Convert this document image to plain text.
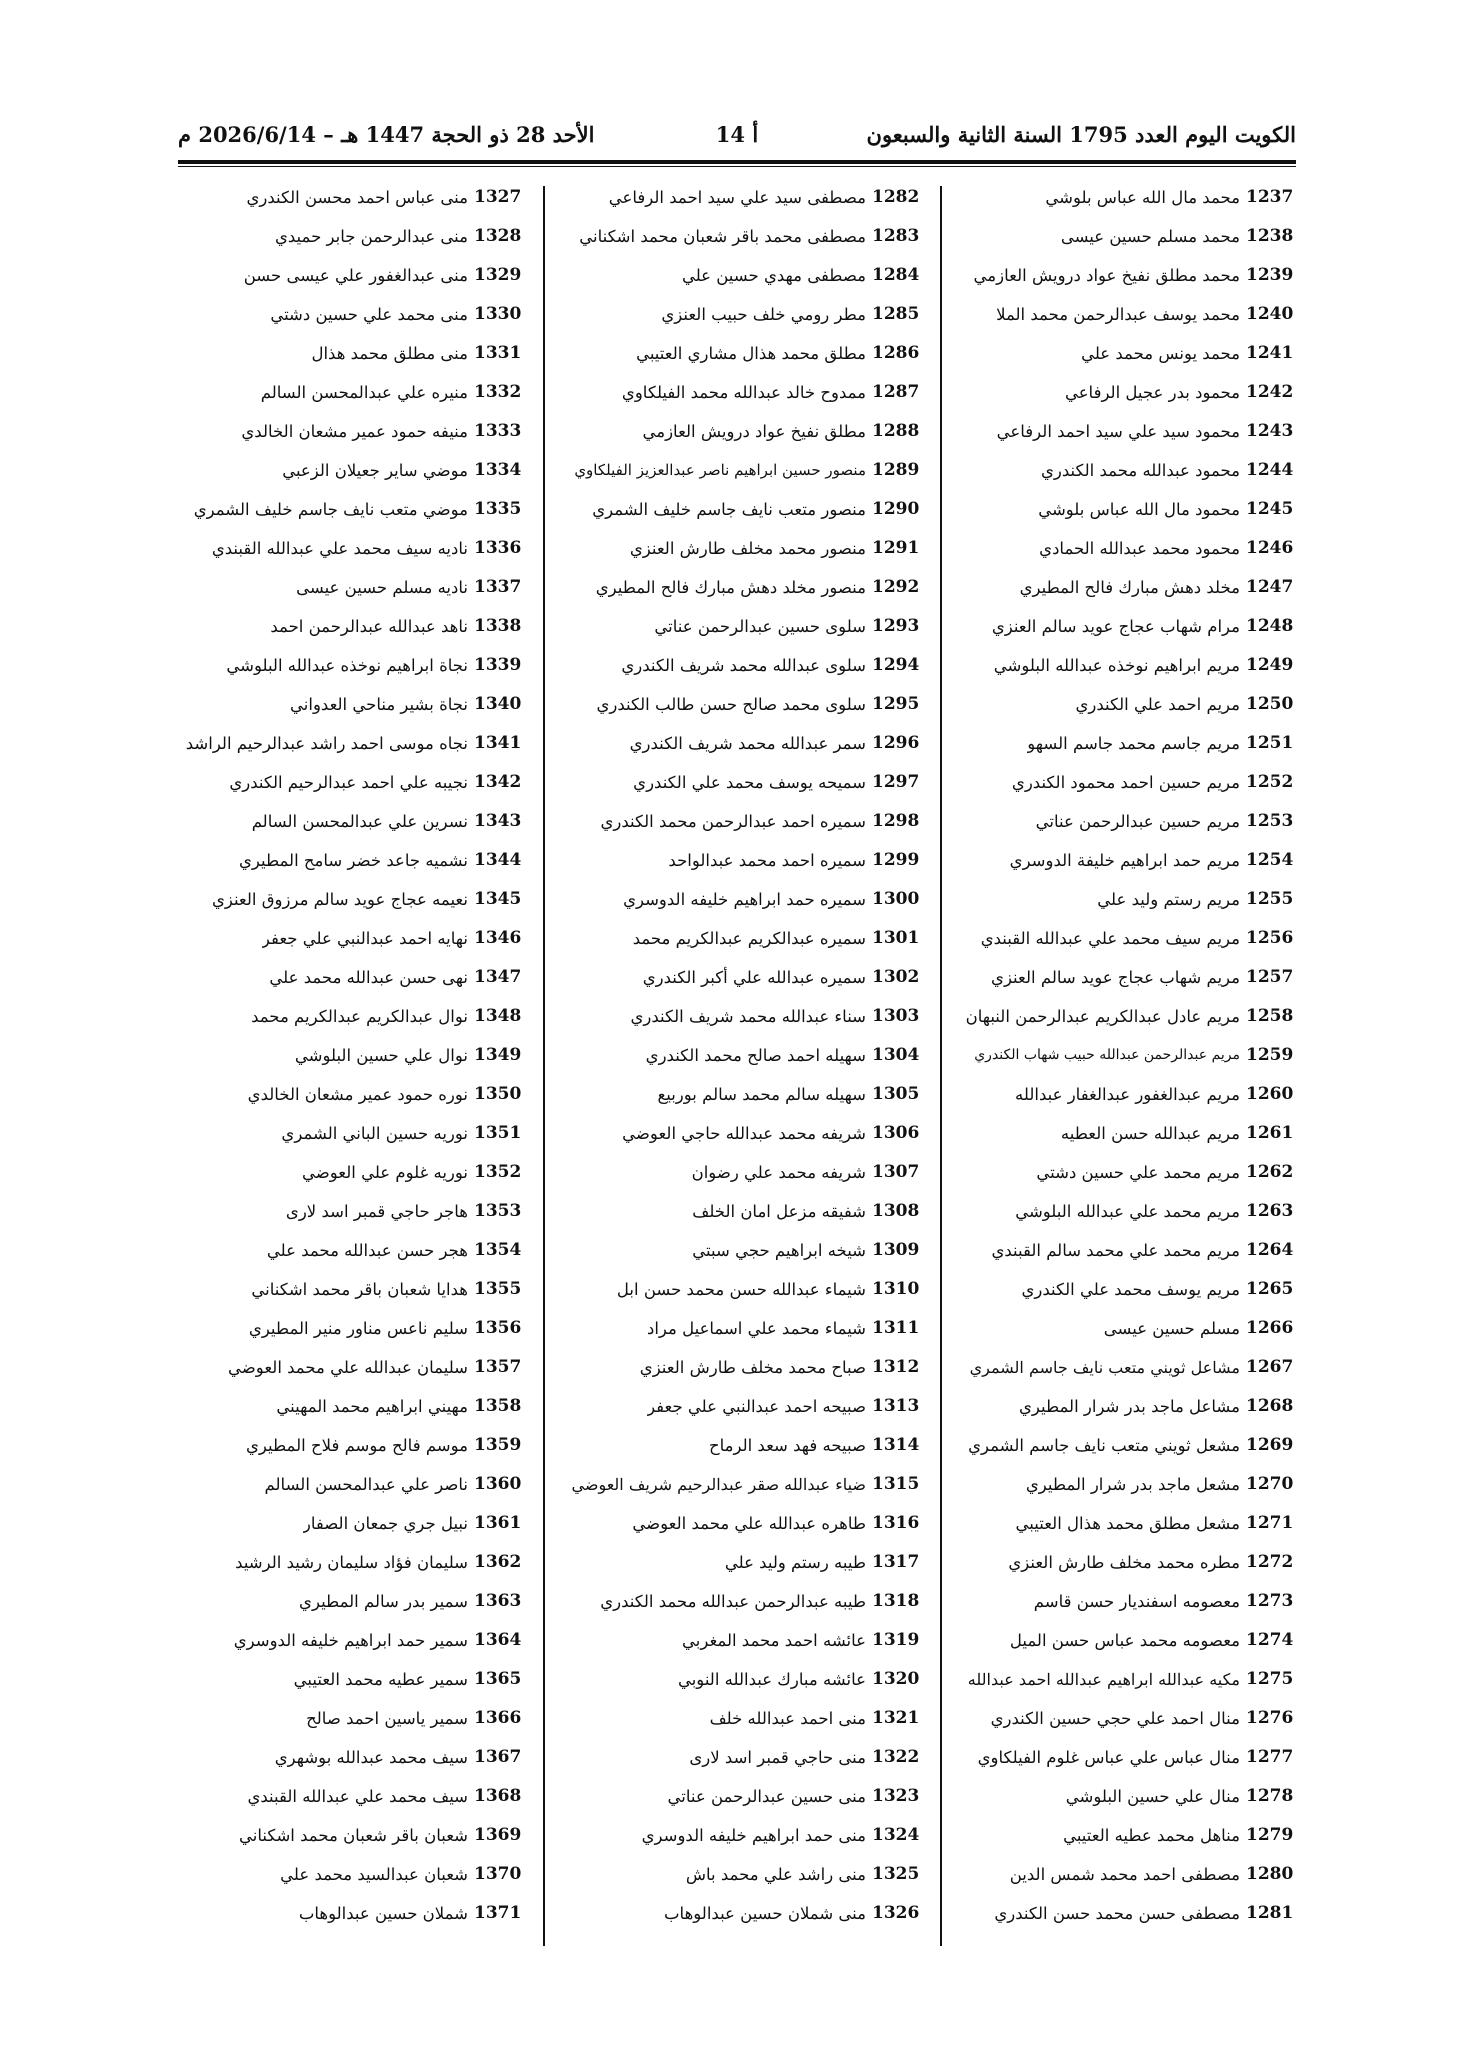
الكويت اليوم العدد 1795 السنة الثانية والسبعون
أ 14
الأحد 28 ذو الحجة 1447 هـ – 2026/6/14 م
1237
محمد مال الله عباس بلوشي
1238
محمد مسلم حسين عيسى
1239
محمد مطلق نفيخ عواد درويش العازمي
1240
محمد يوسف عبدالرحمن محمد الملا
1241
محمد يونس محمد علي
1242
محمود بدر عجيل الرفاعي
1243
محمود سيد علي سيد احمد الرفاعي
1244
محمود عبدالله محمد الكندري
1245
محمود مال الله عباس بلوشي
1246
محمود محمد عبدالله الحمادي
1247
مخلد دهش مبارك فالح المطيري
1248
مرام شهاب عجاج عويد سالم العنزي
1249
مريم ابراهيم نوخذه عبدالله البلوشي
1250
مريم احمد علي الكندري
1251
مريم جاسم محمد جاسم السهو
1252
مريم حسين احمد محمود الكندري
1253
مريم حسين عبدالرحمن عناتي
1254
مريم حمد ابراهيم خليفة الدوسري
1255
مريم رستم وليد علي
1256
مريم سيف محمد علي عبدالله القبندي
1257
مريم شهاب عجاج عويد سالم العنزي
1258
مريم عادل عبدالكريم عبدالرحمن النبهان
1259
مريم عبدالرحمن عبدالله حبيب شهاب الكندري
1260
مريم عبدالغفور عبدالغفار عبدالله
1261
مريم عبدالله حسن العطيه
1262
مريم محمد علي حسين دشتي
1263
مريم محمد علي عبدالله البلوشي
1264
مريم محمد علي محمد سالم القبندي
1265
مريم يوسف محمد علي الكندري
1266
مسلم حسين عيسى
1267
مشاعل ثويني متعب نايف جاسم الشمري
1268
مشاعل ماجد بدر شرار المطيري
1269
مشعل ثويني متعب نايف جاسم الشمري
1270
مشعل ماجد بدر شرار المطيري
1271
مشعل مطلق محمد هذال العتيبي
1272
مطره محمد مخلف طارش العنزي
1273
معصومه اسفنديار حسن قاسم
1274
معصومه محمد عباس حسن الميل
1275
مكيه عبدالله ابراهيم عبدالله احمد عبدالله
1276
منال احمد علي حجي حسين الكندري
1277
منال عباس علي عباس غلوم الفيلكاوي
1278
منال علي حسين البلوشي
1279
مناهل محمد عطيه العتيبي
1280
مصطفى احمد محمد شمس الدين
1281
مصطفى حسن محمد حسن الكندري
1282
مصطفى سيد علي سيد احمد الرفاعي
1283
مصطفى محمد باقر شعبان محمد اشكناني
1284
مصطفى مهدي حسين علي
1285
مطر رومي خلف حبيب العنزي
1286
مطلق محمد هذال مشاري العتيبي
1287
ممدوح خالد عبدالله محمد الفيلكاوي
1288
مطلق نفيخ عواد درويش العازمي
1289
منصور حسين ابراهيم ناصر عبدالعزيز الفيلكاوي
1290
منصور متعب نايف جاسم خليف الشمري
1291
منصور محمد مخلف طارش العنزي
1292
منصور مخلد دهش مبارك فالح المطيري
1293
سلوى حسين عبدالرحمن عناتي
1294
سلوى عبدالله محمد شريف الكندري
1295
سلوى محمد صالح حسن طالب الكندري
1296
سمر عبدالله محمد شريف الكندري
1297
سميحه يوسف محمد علي الكندري
1298
سميره احمد عبدالرحمن محمد الكندري
1299
سميره احمد محمد عبدالواحد
1300
سميره حمد ابراهيم خليفه الدوسري
1301
سميره عبدالكريم عبدالكريم محمد
1302
سميره عبدالله علي أكبر الكندري
1303
سناء عبدالله محمد شريف الكندري
1304
سهيله احمد صالح محمد الكندري
1305
سهيله سالم محمد سالم بوربيع
1306
شريفه محمد عبدالله حاجي العوضي
1307
شريفه محمد علي رضوان
1308
شفيقه مزعل امان الخلف
1309
شيخه ابراهيم حجي سبتي
1310
شيماء عبدالله حسن محمد حسن ابل
1311
شيماء محمد علي اسماعيل مراد
1312
صباح محمد مخلف طارش العنزي
1313
صبيحه احمد عبدالنبي علي جعفر
1314
صبيحه فهد سعد الرماح
1315
ضياء عبدالله صقر عبدالرحيم شريف العوضي
1316
طاهره عبدالله علي محمد العوضي
1317
طيبه رستم وليد علي
1318
طيبه عبدالرحمن عبدالله محمد الكندري
1319
عائشه احمد محمد المغربي
1320
عائشه مبارك عبدالله النوبي
1321
منى احمد عبدالله خلف
1322
منى حاجي قمبر اسد لارى
1323
منى حسين عبدالرحمن عناتي
1324
منى حمد ابراهيم خليفه الدوسري
1325
منى راشد علي محمد باش
1326
منى شملان حسين عبدالوهاب
1327
منى عباس احمد محسن الكندري
1328
منى عبدالرحمن جابر حميدي
1329
منى عبدالغفور علي عيسى حسن
1330
منى محمد علي حسين دشتي
1331
منى مطلق محمد هذال
1332
منيره علي عبدالمحسن السالم
1333
منيفه حمود عمير مشعان الخالدي
1334
موضي ساير جعيلان الزعبي
1335
موضي متعب نايف جاسم خليف الشمري
1336
ناديه سيف محمد علي عبدالله القبندي
1337
ناديه مسلم حسين عيسى
1338
ناهد عبدالله عبدالرحمن احمد
1339
نجاة ابراهيم نوخذه عبدالله البلوشي
1340
نجاة بشير مناحي العدواني
1341
نجاه موسى احمد راشد عبدالرحيم الراشد
1342
نجيبه علي احمد عبدالرحيم الكندري
1343
نسرين علي عبدالمحسن السالم
1344
نشميه جاعد خضر سامح المطيري
1345
نعيمه عجاج عويد سالم مرزوق العنزي
1346
نهايه احمد عبدالنبي علي جعفر
1347
نهى حسن عبدالله محمد علي
1348
نوال عبدالكريم عبدالكريم محمد
1349
نوال علي حسين البلوشي
1350
نوره حمود عمير مشعان الخالدي
1351
نوريه حسين الباني الشمري
1352
نوريه غلوم علي العوضي
1353
هاجر حاجي قمبر اسد لارى
1354
هجر حسن عبدالله محمد علي
1355
هدايا شعبان باقر محمد اشكناني
1356
سليم ناعس مناور منير المطيري
1357
سليمان عبدالله علي محمد العوضي
1358
مهيني ابراهيم محمد المهيني
1359
موسم فالح موسم فلاح المطيري
1360
ناصر علي عبدالمحسن السالم
1361
نبيل جري جمعان الصفار
1362
سليمان فؤاد سليمان رشيد الرشيد
1363
سمير بدر سالم المطيري
1364
سمير حمد ابراهيم خليفه الدوسري
1365
سمير عطيه محمد العتيبي
1366
سمير ياسين احمد صالح
1367
سيف محمد عبدالله بوشهري
1368
سيف محمد علي عبدالله القبندي
1369
شعبان باقر شعبان محمد اشكناني
1370
شعبان عبدالسيد محمد علي
1371
شملان حسين عبدالوهاب
